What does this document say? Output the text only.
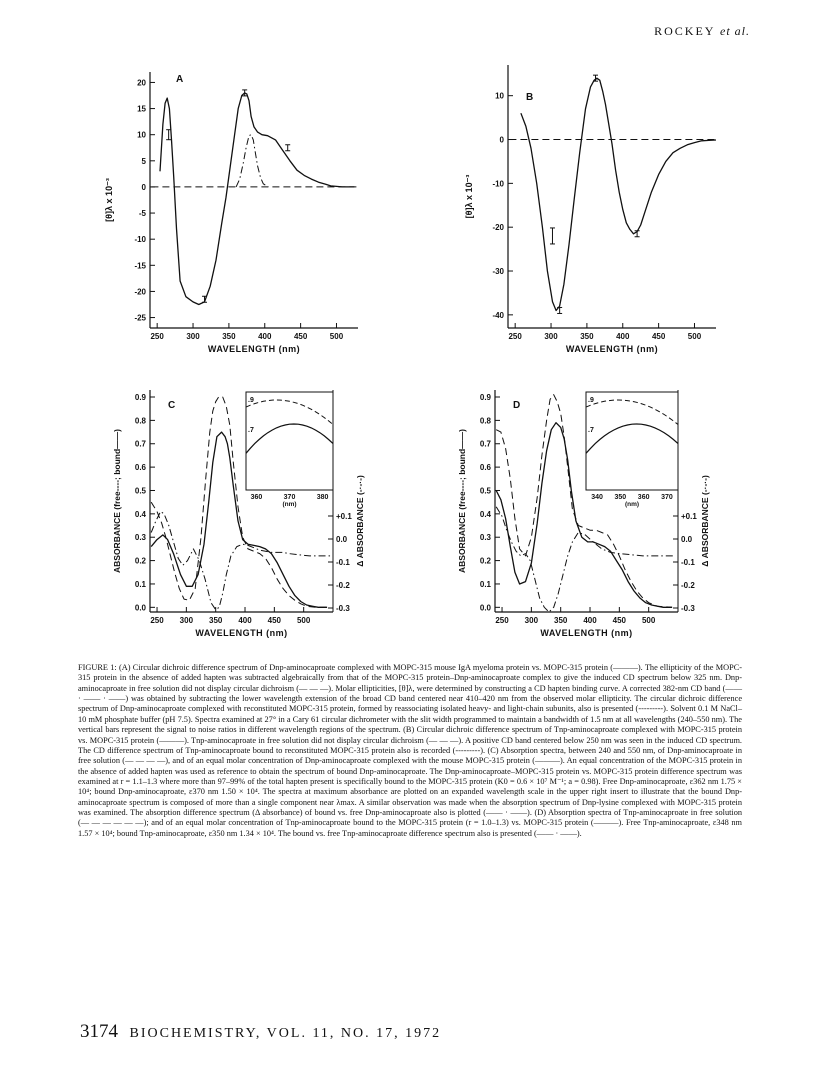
ROCKEY et al.
20
15
10
5
0
-5
-10
-15
-20
-25
250	300	350	400	450	500
WAVELENGTH (nm)
[θ]λ x 10⁻³
A
10
0
-10
-20
-30
-40
250	300	350	400	450	500
WAVELENGTH (nm)
[θ]λ x 10⁻³
B
0.9
0.8
0.7
0.6
0.5
0.4
0.3
0.2
0.1
0.0
250 300 350 400 450 500
WAVELENGTH (nm)
ABSORBANCE (free----; bound——)
C
+0.1
0.0
-0.1
-0.2
-0.3
Δ ABSORBANCE (-·-·-)
.9
.7
360	370	380
(nm)
0.9
0.8
0.7
0.6
0.5
0.4
0.3
0.2
0.1
0.0
250 300 350 400 450 500
WAVELENGTH (nm)
ABSORBANCE (free----; bound——)
D
+0.1
0.0
-0.1
-0.2
-0.3
Δ ABSORBANCE (-·-·-)
.9
.7
340 350 360 370
(nm)

FIGURE 1: (A) Circular dichroic difference spectrum of Dnp-aminocaproate complexed with MOPC-315 mouse IgA myeloma protein vs. MOPC-315 protein (———). The ellipticity of the MOPC-315 protein in the absence of added hapten was subtracted algebraically from that of the MOPC-315 protein–Dnp-aminocaproate complex to give the induced CD spectrum below 325 nm. Dnp-aminocaproate in free solution did not display circular dichroism (— — —). Molar ellipticities, [θ]λ, were determined by constructing a CD hapten binding curve. A corrected 382-nm CD band (—— · —— · ——) was obtained by subtracting the lower wavelength extension of the broad CD band centered near 410–420 nm from the observed molar ellipticity. The circular dichroic difference spectrum of Dnp-aminocaproate complexed with reconstituted MOPC-315 protein, formed by reassociating isolated heavy- and light-chain subunits, also is presented (---------). Solvent 0.1 M NaCl–10 mM phosphate buffer (pH 7.5). Spectra examined at 27° in a Cary 61 circular dichrometer with the slit width programmed to maintain a bandwidth of 1.5 nm at all wavelengths (240–550 nm). The vertical bars represent the signal to noise ratios in different wavelength regions of the spectrum. (B) Circular dichroic difference spectrum of Tnp-aminocaproate complexed with MOPC-315 protein vs. MOPC-315 protein (———). Tnp-aminocaproate in free solution did not display circular dichroism (— — —). A positive CD band centered below 250 nm was seen in the induced CD spectrum. The CD difference spectrum of Tnp-aminocaproate bound to reconstituted MOPC-315 protein also is recorded (---------). (C) Absorption spectra, between 240 and 550 nm, of Dnp-aminocaproate in free solution (— — — —), and of an equal molar concentration of Dnp-aminocaproate complexed with the mouse MOPC-315 protein (———). An equal concentration of the MOPC-315 protein in the absence of added hapten was used as reference to obtain the spectrum of bound Dnp-aminocaproate. The Dnp-aminocaproate–MOPC-315 protein vs. MOPC-315 protein difference spectrum was examined at r = 1.1–1.3 where more than 97–99% of the total hapten present is specifically bound to the MOPC-315 protein (K0 = 0.6 × 10⁷ M⁻¹; a = 0.98). Free Dnp-aminocaproate, ε362 nm 1.75 × 10⁴; bound Dnp-aminocaproate, ε370 nm 1.50 × 10⁴. The spectra at maximum absorbance are plotted on an expanded wavelength scale in the upper right insert to illustrate that the bound Dnp-aminocaproate spectrum is composed of more than a single component near λmax. A similar observation was made when the absorption spectrum of Dnp-lysine complexed with MOPC-315 protein was examined. The absorption difference spectrum (Δ absorbance) of bound vs. free Dnp-aminocaproate also is plotted (—— · ——). (D) Absorption spectra of Tnp-aminocaproate in free solution (— — — — — —); and of an equal molar concentration of Tnp-aminocaproate bound to the MOPC-315 protein (r = 1.0–1.3) vs. MOPC-315 protein (———). Free Tnp-aminocaproate, ε348 nm 1.57 × 10⁴; bound Tnp-aminocaproate, ε350 nm 1.34 × 10⁴. The bound vs. free Tnp-aminocaproate difference spectrum also is presented (—— · ——).

3174 BIOCHEMISTRY, VOL. 11, NO. 17, 1972
